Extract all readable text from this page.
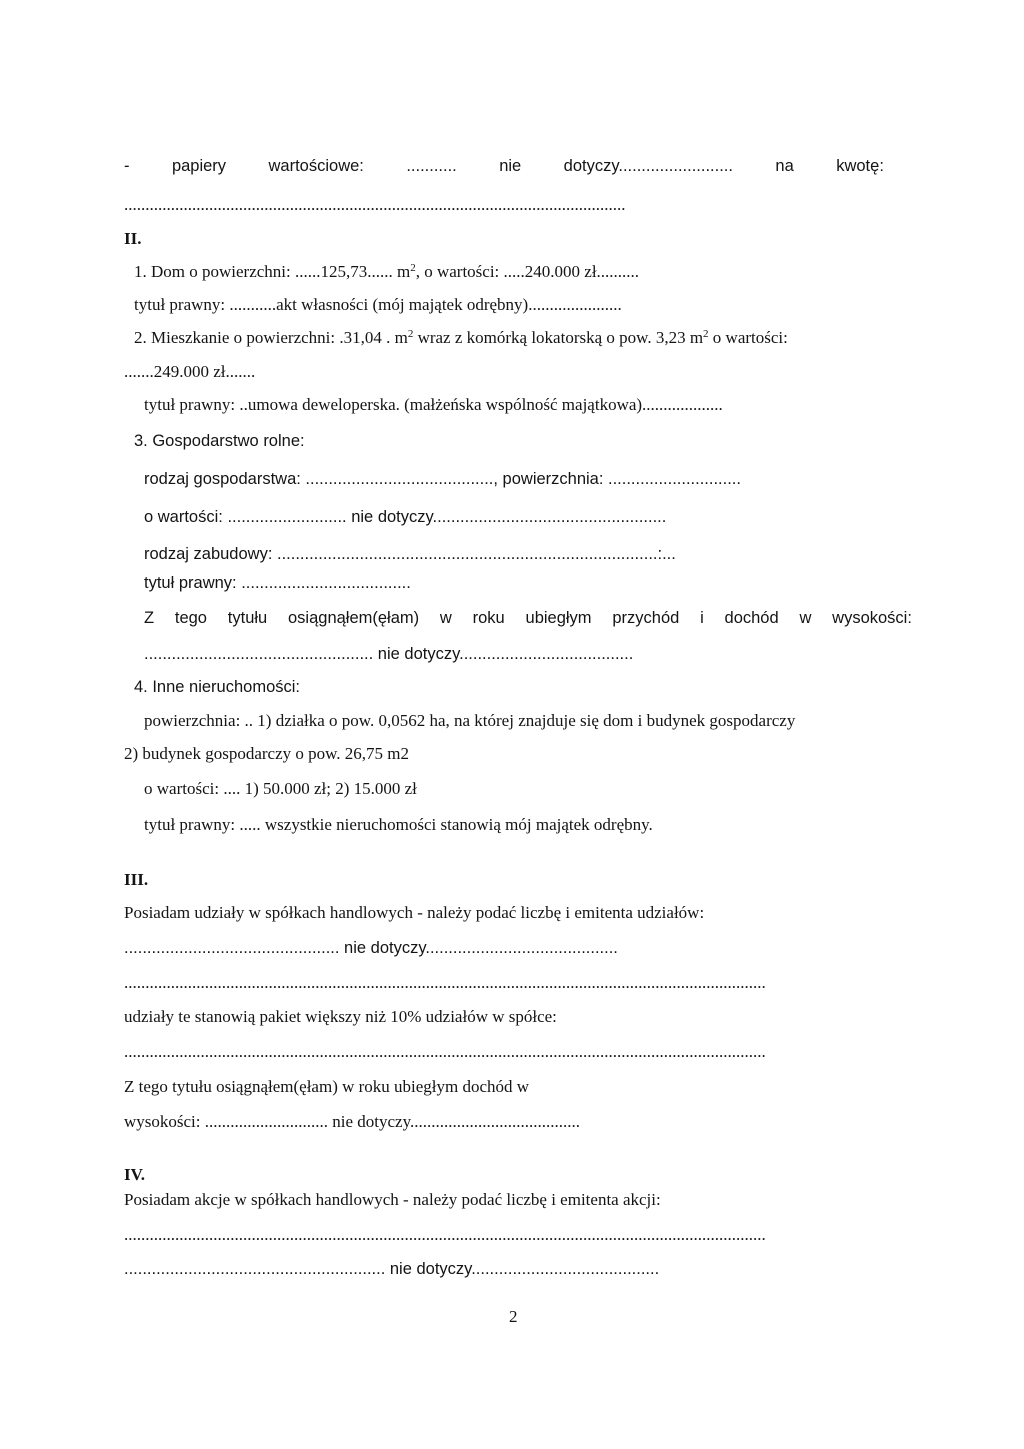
-	papiery	wartościowe:	...........	nie	dotyczy.........................	na	kwotę:
......................................................................................................................
II.
1. Dom o powierzchni: ......125,73...... $m^2$, o wartości: .....240.000 zł..........
tytuł prawny: ...........akt własności (mój majątek odrębny)......................
2. Mieszkanie o powierzchni: .31,04 . $m^2$ wraz z komórką lokatorską o pow. 3,23 $m^2$ o wartości:
.......249.000 zł.......
tytuł prawny: ..umowa deweloperska. (małżeńska wspólność majątkowa)...................
3. Gospodarstwo rolne:
rodzaj gospodarstwa: ........................................., powierzchnia: .............................
o wartości: .......................... nie dotyczy...................................................
rodzaj zabudowy: ...................................................................................:...
tytuł prawny: .....................................
Z tego tytułu osiągnąłem(ęłam) w roku ubiegłym przychód i dochód w wysokości:
.................................................. nie dotyczy......................................
4. Inne nieruchomości:
powierzchnia: .. 1) działka o pow. 0,0562 ha, na której znajduje się dom i budynek gospodarczy
2) budynek gospodarczy o pow. 26,75 m2
o wartości: .... 1) 50.000 zł; 2) 15.000 zł
tytuł prawny: ..... wszystkie nieruchomości stanowią mój majątek odrębny.
III.
Posiadam udziały w spółkach handlowych - należy podać liczbę i emitenta udziałów:
............................................... nie dotyczy..........................................
.......................................................................................................................................................
udziały te stanowią pakiet większy niż 10% udziałów w spółce:
.......................................................................................................................................................
Z tego tytułu osiągnąłem(ęłam) w roku ubiegłym dochód w
wysokości: ............................. nie dotyczy........................................
IV.
Posiadam akcje w spółkach handlowych - należy podać liczbę i emitenta akcji:
.......................................................................................................................................................
......................................................... nie dotyczy.........................................
2
